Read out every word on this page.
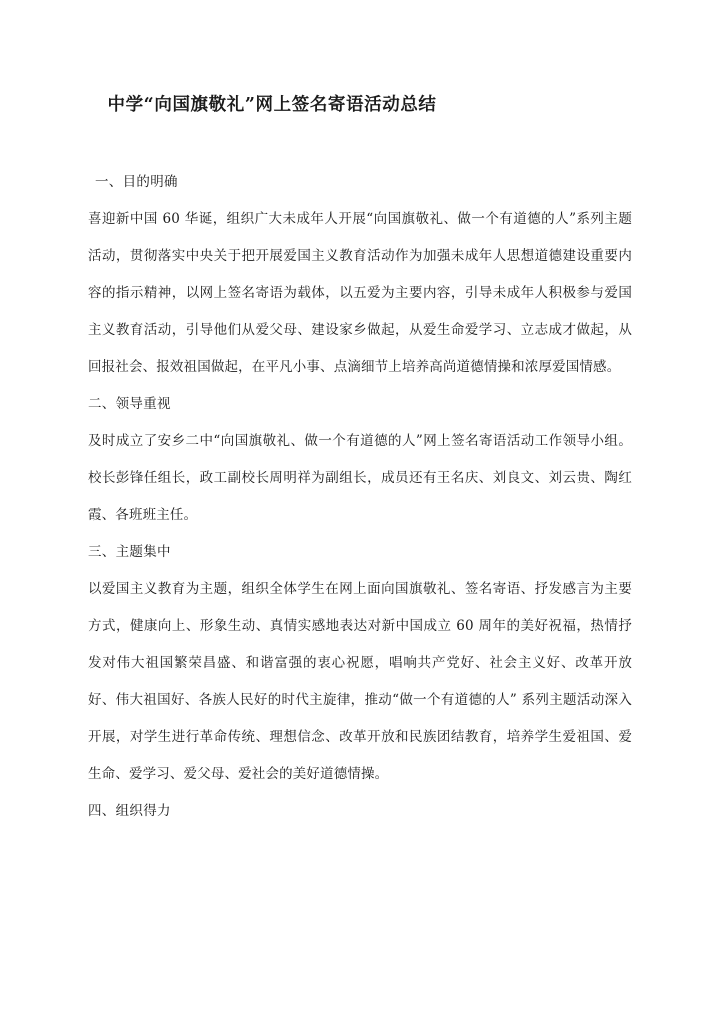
中学“向国旗敬礼”网上签名寄语活动总结

一、目的明确

喜迎新中国 60 华诞，组织广大未成年人开展“向国旗敬礼、做一个有道德的人”系列主题活动，贯彻落实中央关于把开展爱国主义教育活动作为加强未成年人思想道德建设重要内容的指示精神，以网上签名寄语为载体，以五爱为主要内容，引导未成年人积极参与爱国主义教育活动，引导他们从爱父母、建设家乡做起，从爱生命爱学习、立志成才做起，从回报社会、报效祖国做起，在平凡小事、点滴细节上培养高尚道德情操和浓厚爱国情感。

二、领导重视

及时成立了安乡二中“向国旗敬礼、做一个有道德的人”网上签名寄语活动工作领导小组。校长彭锋任组长，政工副校长周明祥为副组长，成员还有王名庆、刘良文、刘云贵、陶红霞、各班班主任。

三、主题集中

以爱国主义教育为主题，组织全体学生在网上面向国旗敬礼、签名寄语、抒发感言为主要方式，健康向上、形象生动、真情实感地表达对新中国成立 60 周年的美好祝福，热情抒发对伟大祖国繁荣昌盛、和谐富强的衷心祝愿，唱响共产党好、社会主义好、改革开放好、伟大祖国好、各族人民好的时代主旋律，推动“做一个有道德的人” 系列主题活动深入开展，对学生进行革命传统、理想信念、改革开放和民族团结教育，培养学生爱祖国、爱生命、爱学习、爱父母、爱社会的美好道德情操。

四、组织得力
